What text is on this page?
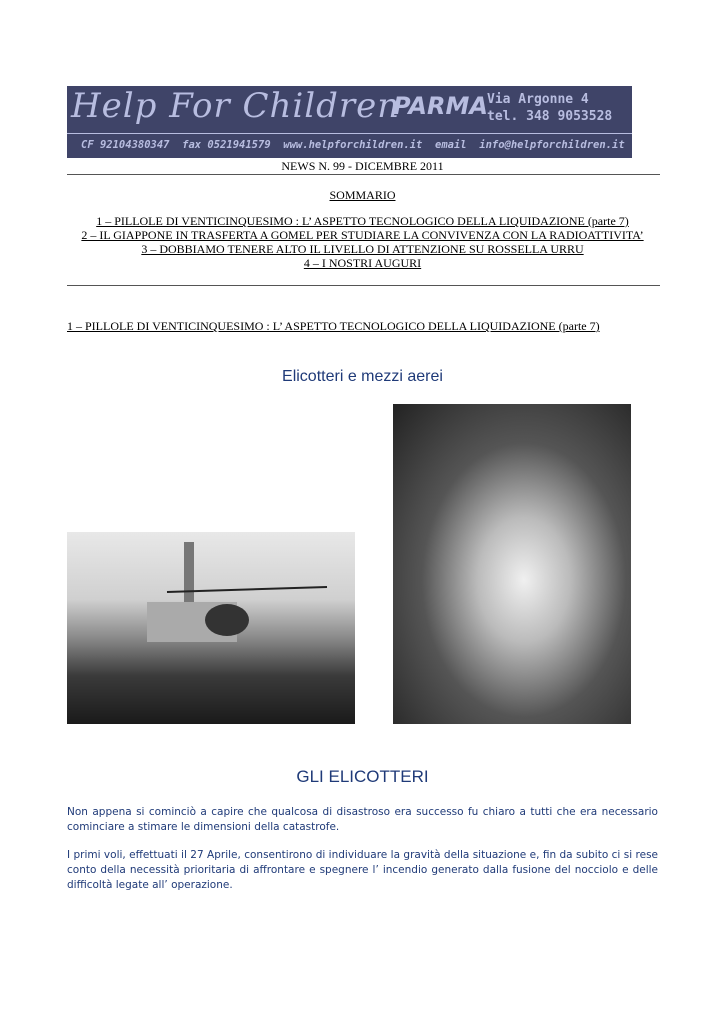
Help For Children
PARMA Via Argonne 4
tel. 348 9053528
CF 92104380347  fax 0521941579  www.helpforchildren.it  email  info@helpforchildren.it
NEWS N. 99 - DICEMBRE 2011
SOMMARIO
1 – PILLOLE DI VENTICINQUESIMO : L’ ASPETTO TECNOLOGICO DELLA LIQUIDAZIONE (parte 7)
2 – IL GIAPPONE IN TRASFERTA A GOMEL PER STUDIARE LA CONVIVENZA CON LA RADIOATTIVITA’
3 – DOBBIAMO TENERE ALTO IL LIVELLO DI ATTENZIONE SU ROSSELLA URRU
4 – I NOSTRI AUGURI
1 – PILLOLE DI VENTICINQUESIMO : L’ ASPETTO TECNOLOGICO DELLA LIQUIDAZIONE (parte 7)
Elicotteri e mezzi aerei
GLI ELICOTTERI

Non appena si cominciò a capire che qualcosa di disastroso era successo fu chiaro a tutti che era necessario cominciare a stimare le dimensioni della catastrofe.

I primi voli, effettuati il 27 Aprile, consentirono di individuare la gravità della situazione e, fin da subito ci si rese conto della necessità prioritaria di affrontare e spegnere l’ incendio generato dalla fusione del nocciolo e delle difficoltà legate all’ operazione.
